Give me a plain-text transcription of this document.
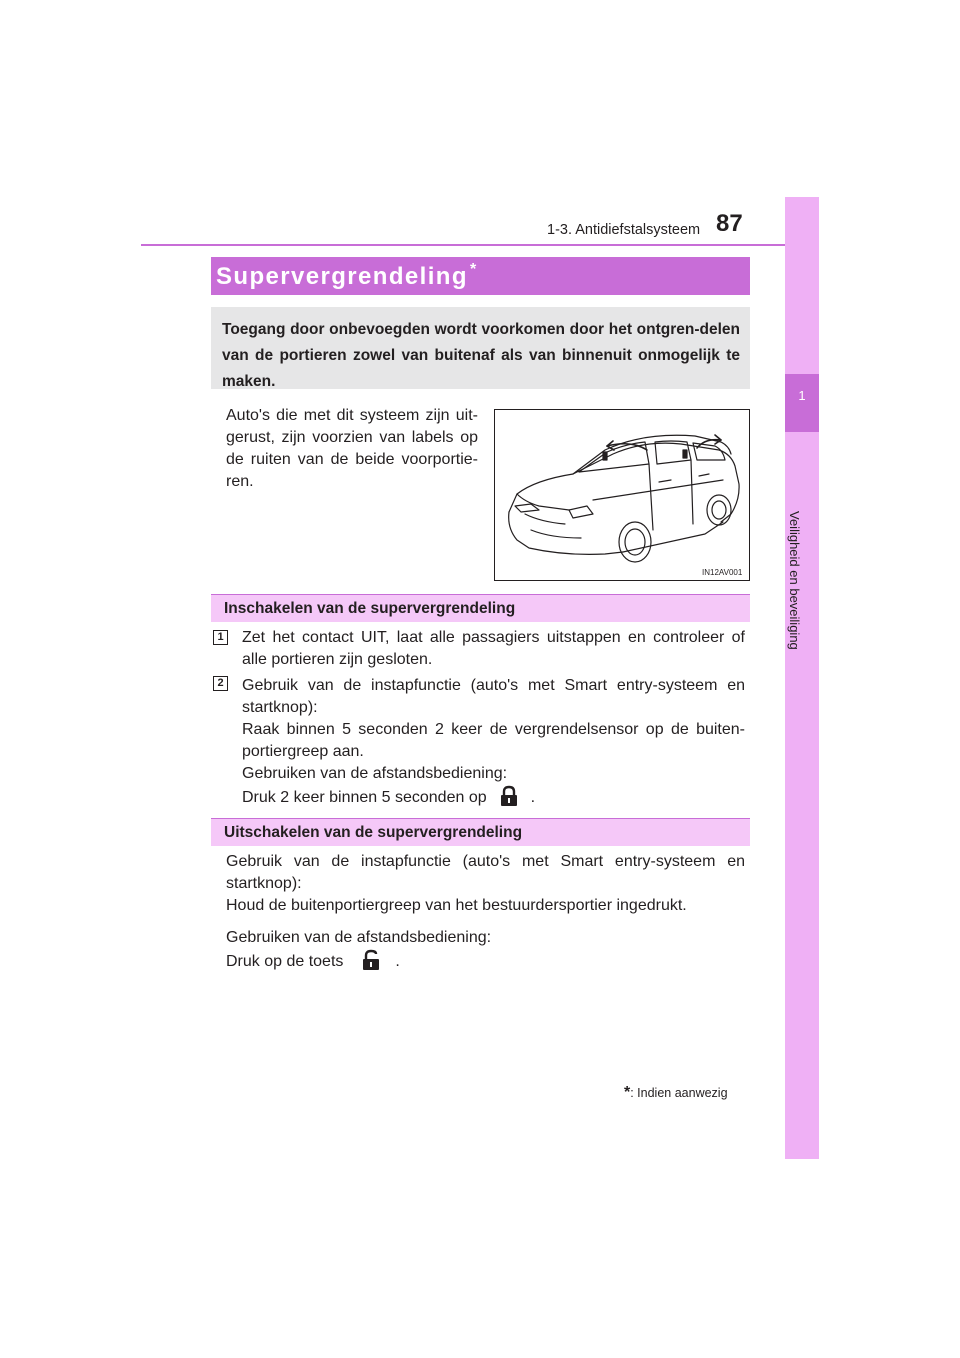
1-3. Antidiefstalsysteem 87
1
Veiligheid en beveiliging
Supervergrendeling *
Toegang door onbevoegden wordt voorkomen door het ontgren-delen van de portieren zowel van buitenaf als van binnenuit onmogelijk te maken.
Auto's die met dit systeem zijn uit-gerust, zijn voorzien van labels op de ruiten van de beide voorportie-ren.
IN12AV001
Inschakelen van de supervergrendeling
1 Zet het contact UIT, laat alle passagiers uitstappen en controleer of alle portieren zijn gesloten.
2 Gebruik van de instapfunctie (auto's met Smart entry-systeem en startknop):
Raak binnen 5 seconden 2 keer de vergrendelsensor op de buiten-portiergreep aan.
Gebruiken van de afstandsbediening:
Druk 2 keer binnen 5 seconden op	.
Uitschakelen van de supervergrendeling
Gebruik van de instapfunctie (auto's met Smart entry-systeem en startknop):
Houd de buitenportiergreep van het bestuurdersportier ingedrukt.
Gebruiken van de afstandsbediening:
Druk op de toets	.
*: Indien aanwezig
